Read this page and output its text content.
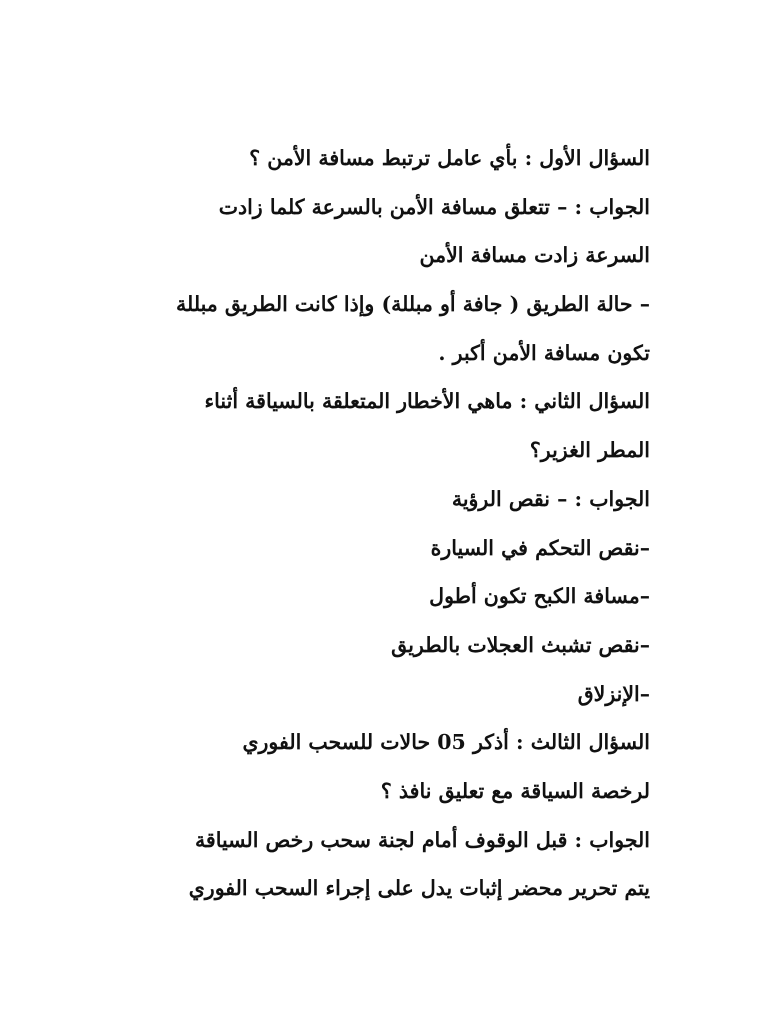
السؤال الأول : بأي عامل ترتبط مسافة الأمن ؟
الجواب : – تتعلق مسافة الأمن بالسرعة كلما زادت
السرعة زادت مسافة الأمن
– حالة الطريق ( جافة أو مبللة) وإذا كانت الطريق مبللة
تكون مسافة الأمن أكبر .
السؤال الثاني : ماهي الأخطار المتعلقة بالسياقة أثناء
المطر الغزير؟
الجواب : – نقص الرؤية
–نقص التحكم في السيارة
–مسافة الكبح تكون أطول
–نقص تشبث العجلات بالطريق
–الإنزلاق
السؤال الثالث : أذكر 05 حالات للسحب الفوري
لرخصة السياقة مع تعليق نافذ ؟
الجواب : قبل الوقوف أمام لجنة سحب رخص السياقة
يتم تحرير محضر إثبات يدل على إجراء السحب الفوري
